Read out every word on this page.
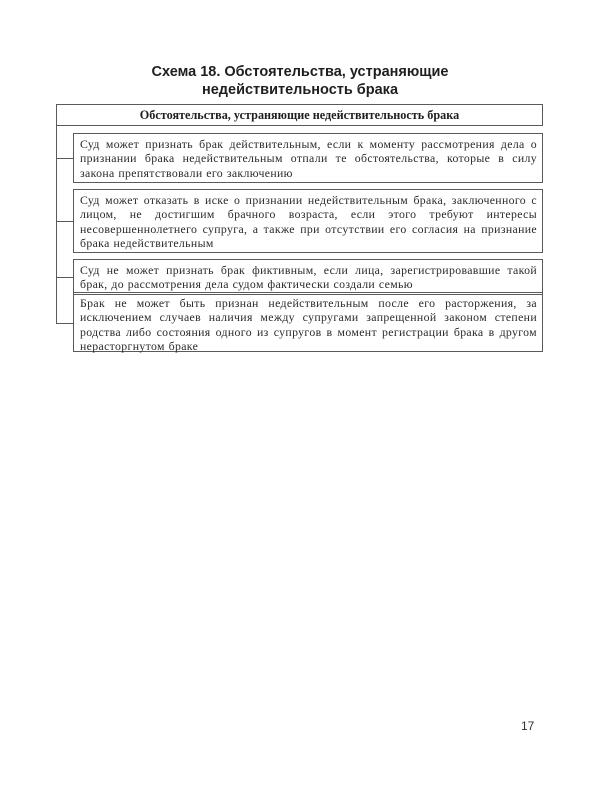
Схема 18. Обстоятельства, устраняющие
недействительность брака
Обстоятельства, устраняющие недействительность брака
Суд может признать брак действительным, если к моменту рассмотрения дела о признании брака недействительным отпали те обстоятельства, которые в силу закона препятствовали его заключению
Суд может отказать в иске о признании недействительным брака, заключенного с лицом, не достигшим брачного возраста, если этого требуют интересы несовершеннолетнего супруга, а также при отсутствии его согласия на признание брака недействительным
Суд не может признать брак фиктивным, если лица, зарегистрировавшие такой брак, до рассмотрения дела судом фактически создали семью
Брак не может быть признан недействительным после его расторжения, за исключением случаев наличия между супругами запрещенной законом степени родства либо состояния одного из супругов в момент регистрации брака в другом нерасторгнутом браке
17
